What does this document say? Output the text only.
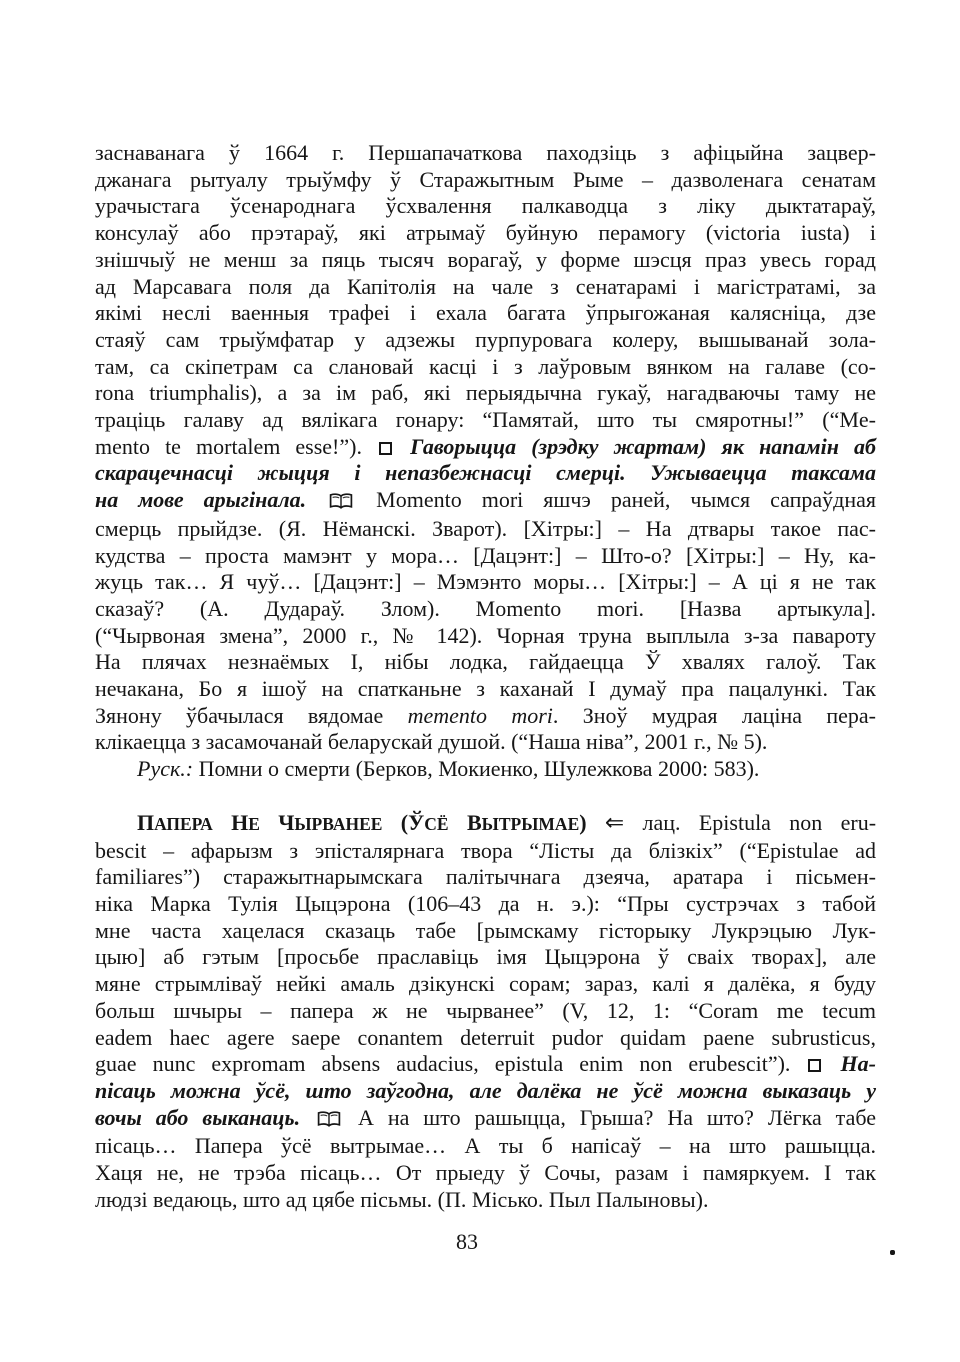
заснаванага ў 1664 г. Першапачаткова паходзіць з афіцыйна зацвер-
джанага рытуалу трыўмфу ў Старажытным Рыме – дазволенага сенатам
урачыстага ўсенароднага ўсхвалення палкаводца з ліку дыктатараў,
консулаў або прэтараў, які атрымаў буйную перамогу (victoria iusta) і
знішчыў не менш за пяць тысяч ворагаў, у форме шэсця праз увесь горад
ад Марсавага поля да Капітолія на чале з сенатарамі і магістратамі, за
якімі неслі ваенныя трафеі і ехала багата ўпрыгожаная калясніца, дзе
стаяў сам трыўмфатар у адзежы пурпуровага колеру, вышыванай зола-
там, са скіпетрам са слановай касці і з лаўровым вянком на галаве (co-
rona triumphalis), а за ім раб, які перыядычна гукаў, нагадваючы таму не
траціць галаву ад вялікага гонару: “Памятай, што ты смяротны!” (“Me-
mento te mortalem esse!”).  Гаворыцца (зрэдку жартам) як напамін аб
скарацечнасці жыцця і непазбежнасці смерці. Ужываецца таксама
на мове арыгінала.  Momento mori яшчэ раней, чымся сапраўдная
смерць прыйдзе. (Я. Нёманскі. Зварот). [Хітры:] – На дтвары такое пас-
кудства – проста мамэнт у мора… [Дацэнт:] – Што-о? [Хітры:] – Ну, ка-
жуць так… Я чуў… [Дацэнт:] – Мэмэнто моры… [Хітры:] – А ці я не так
сказаў? (А. Дудараў. Злом). Momento mori. [Назва артыкула].
(“Чырвоная змена”, 2000 г., № 142). Чорная труна выплыла з-за павароту
На плячах незнаёмых І, нібы лодка, гайдаецца Ў хвалях галоў. Так
нечакана, Бо я ішоў на спатканьне з каханай І думаў пра пацалункі. Так
Зянону ўбачылася вядомае memento mori. Зноў мудрая лаціна пера-
клікаецца з засамочанай беларускай душой. (“Наша ніва”, 2001 г., № 5).
Руск.: Помни о смерти (Берков, Мокиенко, Шулежкова 2000: 583).
ПАПЕРА НЕ ЧЫРВАНЕЕ (ЎСЁ ВЫТРЫМАЕ) ⇐ лац. Epistula non eru-
bescit – афарызм з эпісталярнага твора “Лісты да блізкіх” (“Epistulae ad
familiares”) старажытнарымскага палітычнага дзеяча, аратара і пісьмен-
ніка Марка Тулія Цыцэрона (106–43 да н. э.): “Пры сустрэчах з табой
мне часта хацелася сказаць табе [рымскаму гісторыку Лукрэцыю Лук-
цыю] аб гэтым [просьбе праславіць імя Цыцэрона ў сваіх творах], але
мяне стрымліваў нейкі амаль дзікунскі сорам; зараз, калі я далёка, я буду
больш шчыры – папера ж не чырванее” (V, 12, 1: “Coram me tecum
eadem haec agere saepe conantem deterruit pudor quidam paene subrusticus,
guae nunc expromam absens audacius, epistula enim non erubescit”).  На-
пісаць можна ўсё, што заўгодна, але далёка не ўсё можна выказаць у
вочы або выканаць.  А на што рашыцца, Грыша? На што? Лёгка табе
пісаць… Папера ўсё вытрымае… А ты б напісаў – на што рашыцца.
Хаця не, не трэба пісаць… От прыеду ў Сочы, разам і памяркуем. І так
людзі ведаюць, што ад цябе пісьмы. (П. Місько. Пыл Палыновы).
83
